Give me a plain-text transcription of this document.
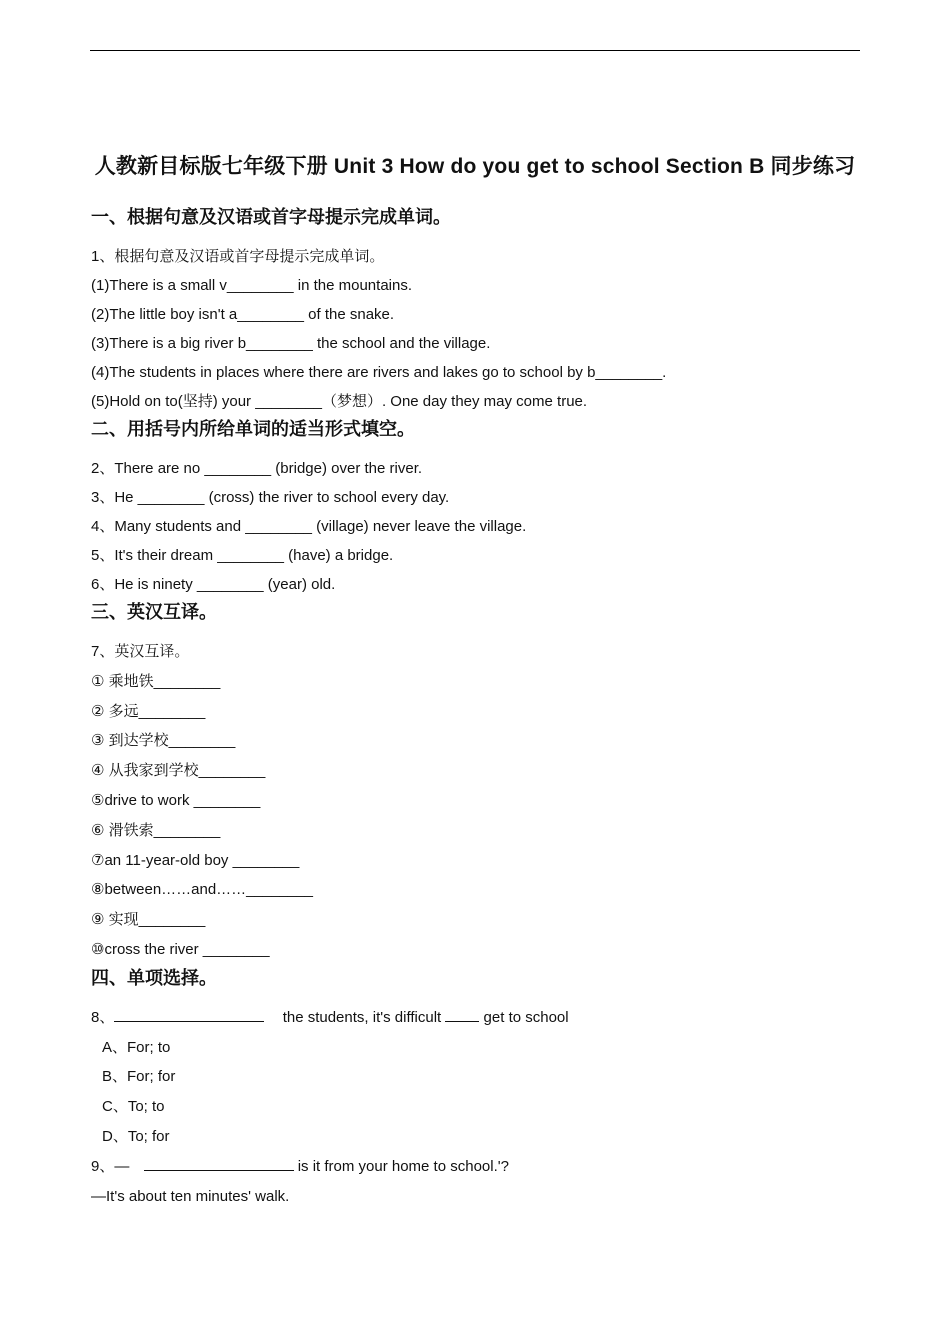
人教新目标版七年级下册 Unit 3 How do you get to school Section B 同步练习
一、根据句意及汉语或首字母提示完成单词。
1、根据句意及汉语或首字母提示完成单词。
(1)There is a small v________ in the mountains.
(2)The little boy isn't a________ of the snake.
(3)There is a big river b________ the school and the village.
(4)The students in places where there are rivers and lakes go to school by b________.
(5)Hold on to(坚持) your ________（梦想）. One day they may come true.
二、用括号内所给单词的适当形式填空。
2、There are no ________ (bridge) over the river.
3、He ________ (cross) the river to school every day.
4、Many students and ________ (village) never leave the village.
5、It's their dream ________ (have) a bridge.
6、He is ninety ________ (year) old.
三、英汉互译。
7、英汉互译。
① 乘地铁________
② 多远________
③ 到达学校________
④ 从我家到学校________
⑤drive to work ________
⑥ 滑铁索________
⑦an 11-year-old boy ________
⑧between……and……________
⑨ 实现________
⑩cross the river ________
四、单项选择。
8、	the students, it's difficult	get to school
A、For; to
B、For; for
C、To; to
D、To; for
9、—	is it from your home to school.'?
—It's about ten minutes' walk.
